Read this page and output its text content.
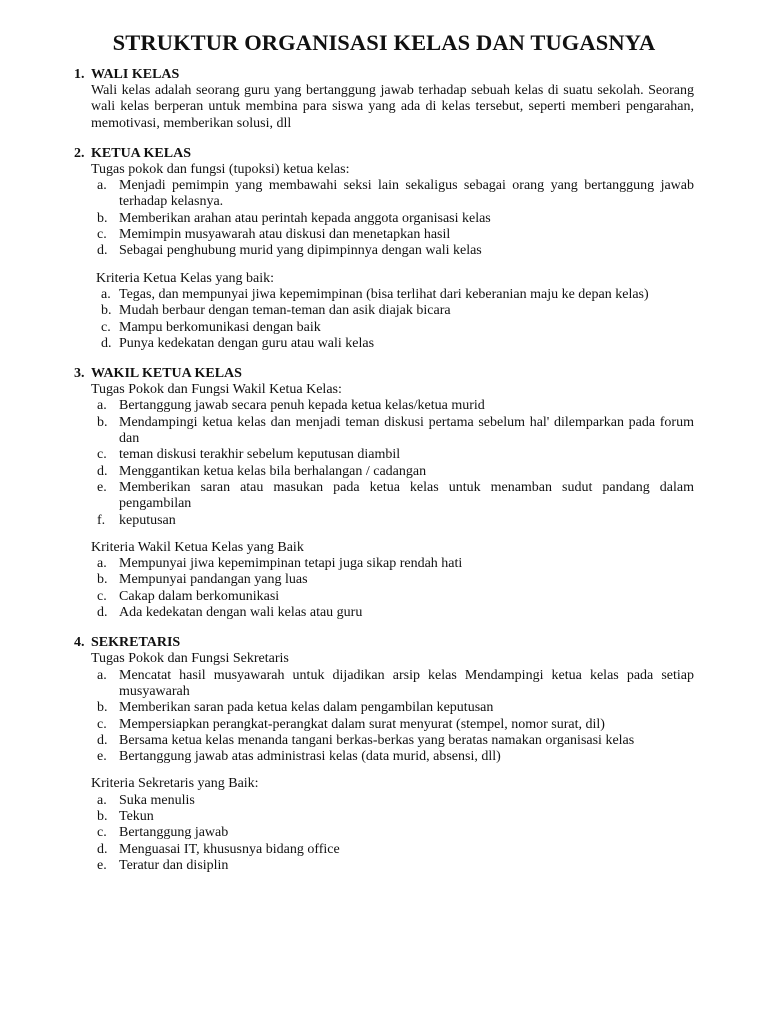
STRUKTUR ORGANISASI KELAS DAN TUGASNYA
1. WALI KELAS

Wali kelas adalah seorang guru yang bertanggung jawab terhadap sebuah kelas di suatu sekolah. Seorang wali kelas berperan untuk membina para siswa yang ada di kelas tersebut, seperti memberi pengarahan, memotivasi, memberikan solusi, dll

2. KETUA KELAS

Tugas pokok dan fungsi (tupoksi) ketua kelas:

a. Menjadi pemimpin yang membawahi seksi lain sekaligus sebagai orang yang bertanggung jawab terhadap kelasnya.
b. Memberikan arahan atau perintah kepada anggota organisasi kelas
c. Memimpin musyawarah atau diskusi dan menetapkan hasil
d. Sebagai penghubung murid yang dipimpinnya dengan wali kelas

Kriteria Ketua Kelas yang baik:

a. Tegas, dan mempunyai jiwa kepemimpinan (bisa terlihat dari keberanian maju ke depan kelas)
b. Mudah berbaur dengan teman-teman dan asik diajak bicara
c. Mampu berkomunikasi dengan baik
d. Punya kedekatan dengan guru atau wali kelas
3. WAKIL KETUA KELAS

Tugas Pokok dan Fungsi Wakil Ketua Kelas:

a. Bertanggung jawab secara penuh kepada ketua kelas/ketua murid
b. Mendampingi ketua kelas dan menjadi teman diskusi pertama sebelum hal' dilemparkan pada forum dan
c. teman diskusi terakhir sebelum keputusan diambil
d. Menggantikan ketua kelas bila berhalangan / cadangan
e. Memberikan saran atau masukan pada ketua kelas untuk menamban sudut pandang dalam pengambilan
f. keputusan

Kriteria Wakil Ketua Kelas yang Baik

a. Mempunyai jiwa kepemimpinan tetapi juga sikap rendah hati
b. Mempunyai pandangan yang luas
c. Cakap dalam berkomunikasi
d. Ada kedekatan dengan wali kelas atau guru
4. SEKRETARIS

Tugas Pokok dan Fungsi Sekretaris

a. Mencatat hasil musyawarah untuk dijadikan arsip kelas Mendampingi ketua kelas pada setiap musyawarah
b. Memberikan saran pada ketua kelas dalam pengambilan keputusan
c. Mempersiapkan perangkat-perangkat dalam surat menyurat (stempel, nomor surat, dil)
d. Bersama ketua kelas menanda tangani berkas-berkas yang beratas namakan organisasi kelas
e. Bertanggung jawab atas administrasi kelas (data murid, absensi, dll)

Kriteria Sekretaris yang Baik:

a. Suka menulis
b. Tekun
c. Bertanggung jawab
d. Menguasai IT, khususnya bidang office
e. Teratur dan disiplin
